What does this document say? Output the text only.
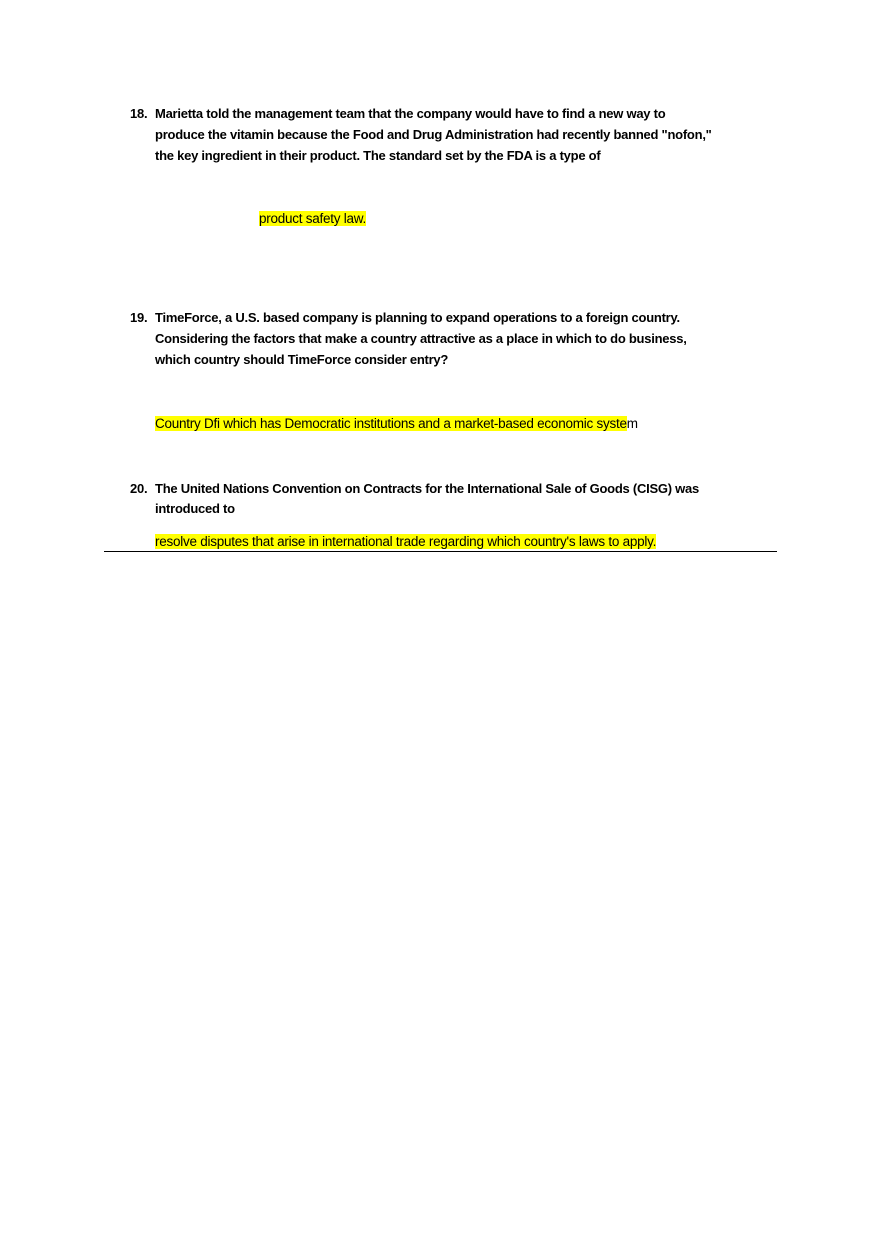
18. Marietta told the management team that the company would have to find a new way to
produce the vitamin because the Food and Drug Administration had recently banned "nofon,"
the key ingredient in their product. The standard set by the FDA is a type of
product safety law.
19. TimeForce, a U.S. based company is planning to expand operations to a foreign country.
Considering the factors that make a country attractive as a place in which to do business,
which country should TimeForce consider entry?
Country Dfi which has Democratic institutions and a market-based economic system
20. The United Nations Convention on Contracts for the International Sale of Goods (CISG) was
introduced to
resolve disputes that arise in international trade regarding which country's laws to apply.
